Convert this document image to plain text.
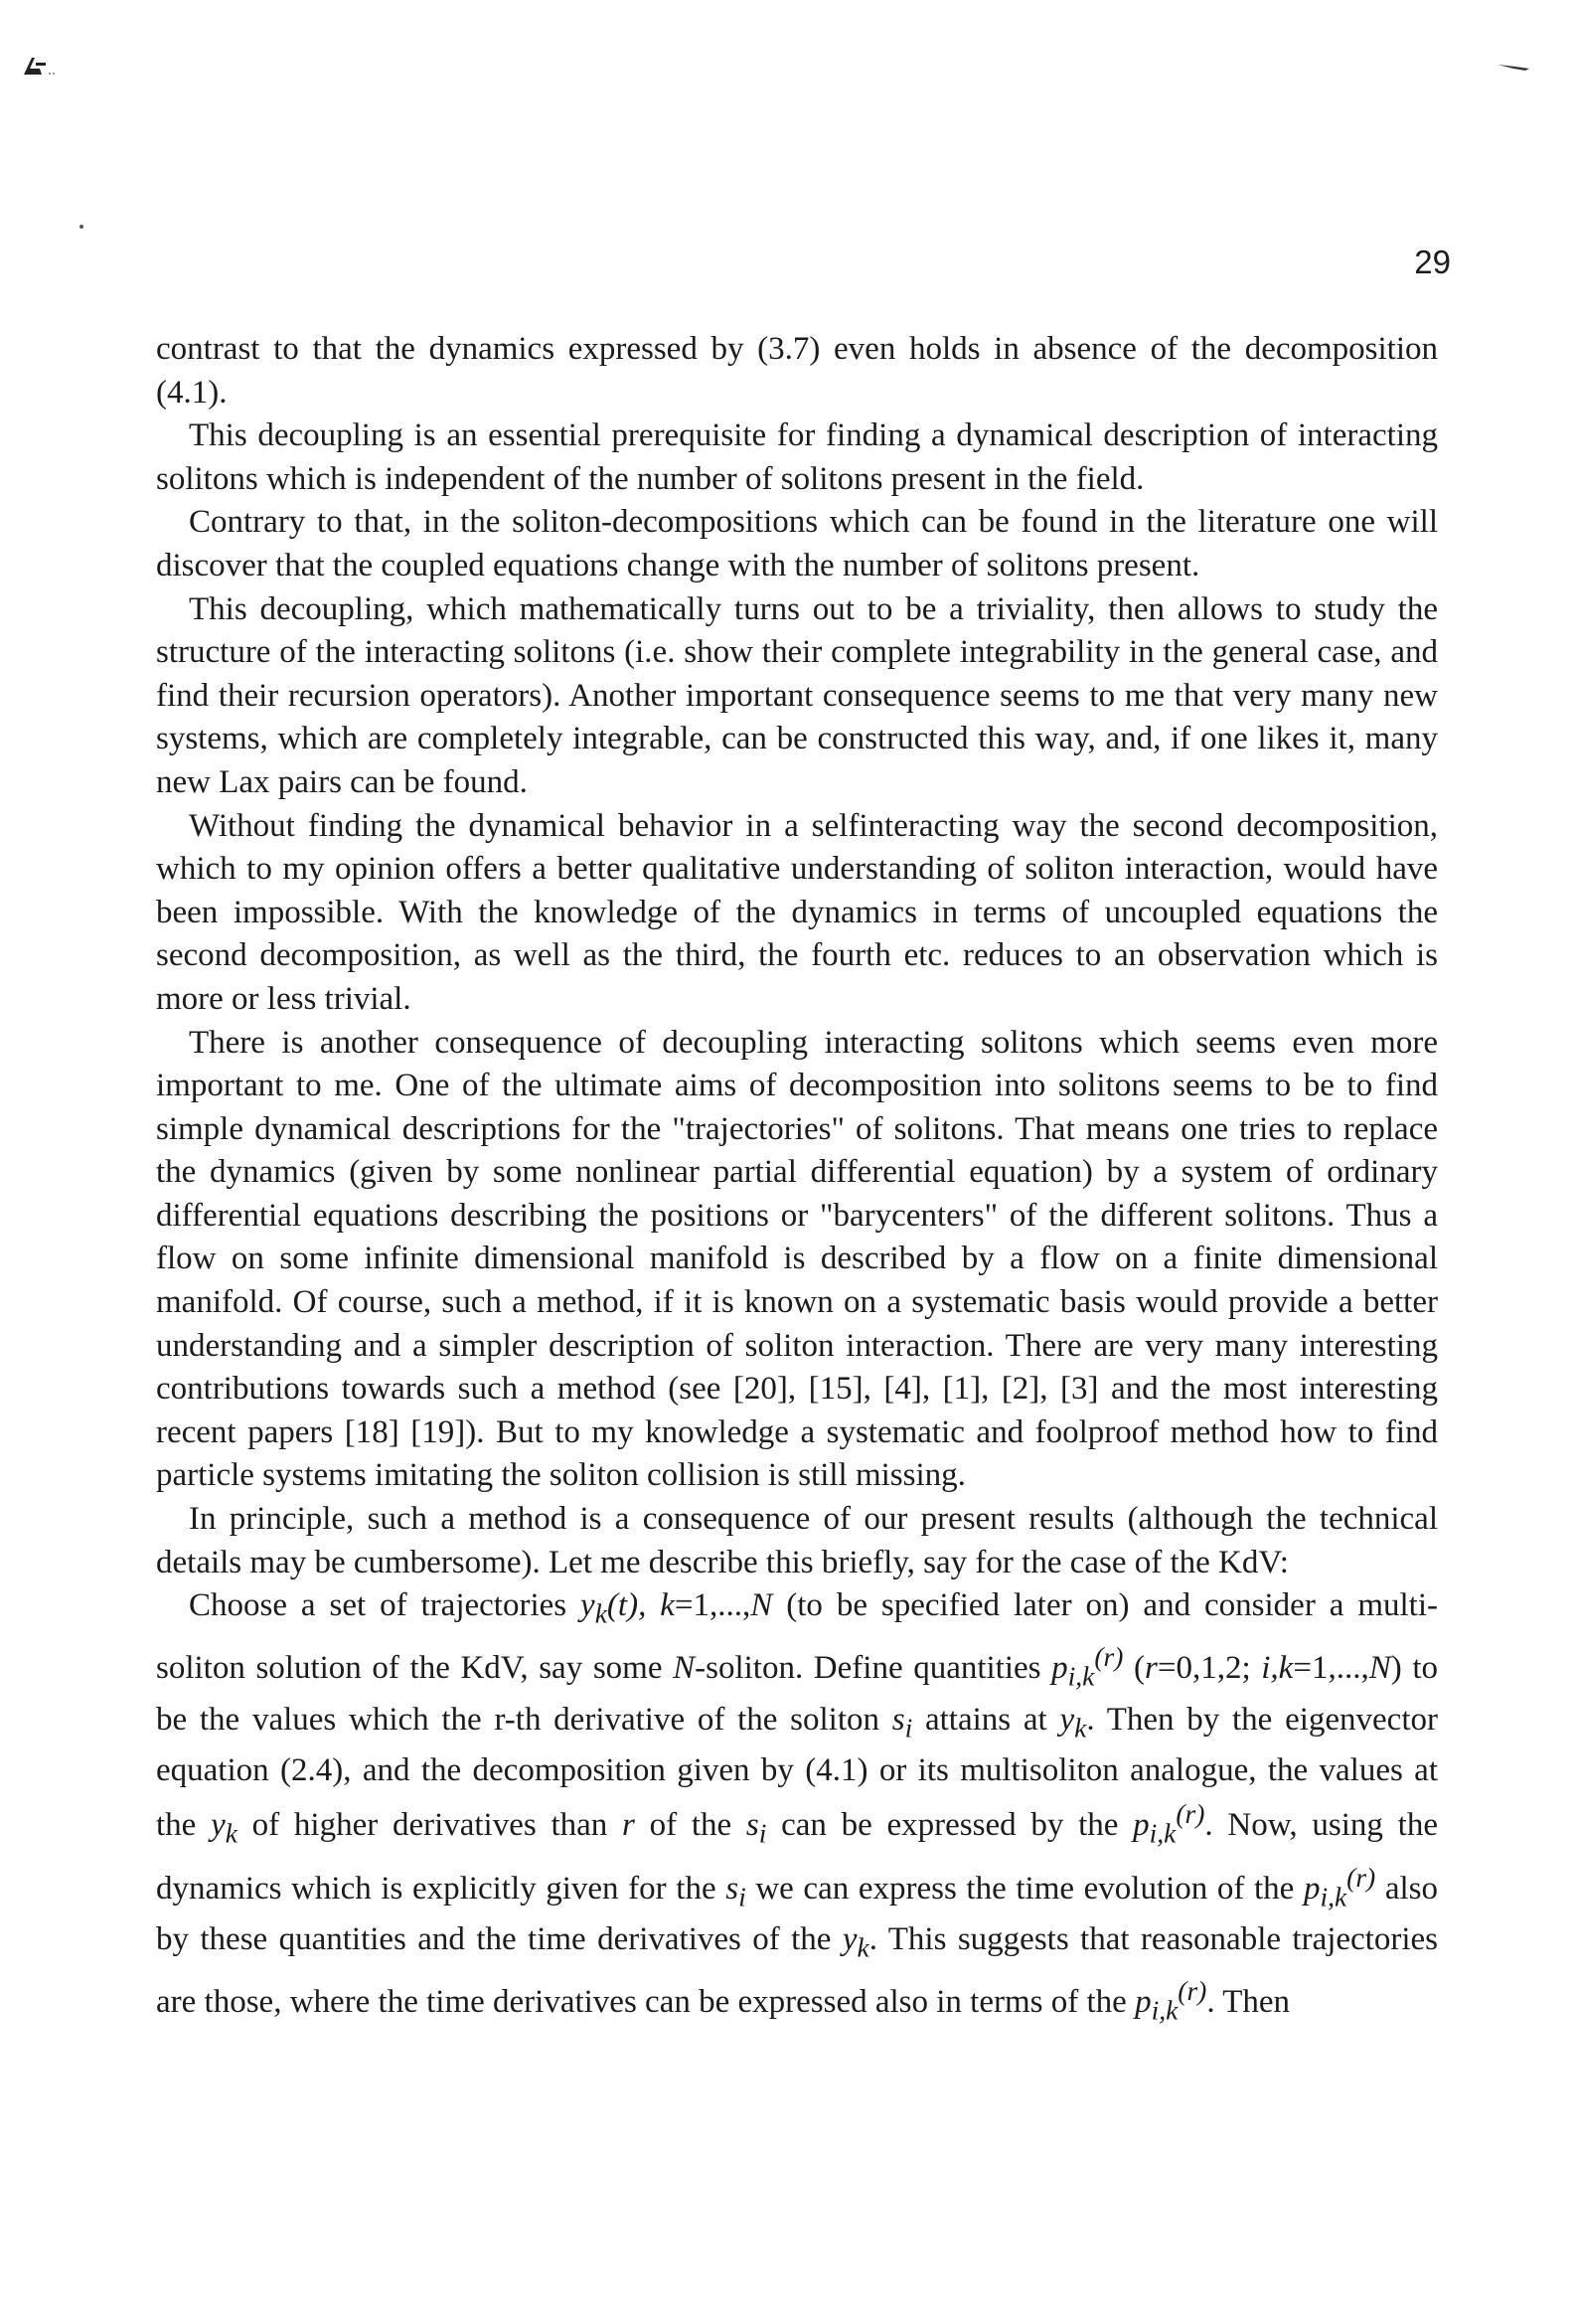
29

contrast to that the dynamics expressed by (3.7) even holds in absence of the decomposition (4.1).

This decoupling is an essential prerequisite for finding a dynamical description of interacting solitons which is independent of the number of solitons present in the field.

Contrary to that, in the soliton-decompositions which can be found in the literature one will discover that the coupled equations change with the number of solitons present.

This decoupling, which mathematically turns out to be a triviality, then allows to study the structure of the interacting solitons (i.e. show their complete integrability in the general case, and find their recursion operators). Another important consequence seems to me that very many new systems, which are completely integrable, can be constructed this way, and, if one likes it, many new Lax pairs can be found.

Without finding the dynamical behavior in a selfinteracting way the second decomposition, which to my opinion offers a better qualitative understanding of soliton interaction, would have been impossible. With the knowledge of the dynamics in terms of uncoupled equations the second decomposition, as well as the third, the fourth etc. reduces to an observation which is more or less trivial.

There is another consequence of decoupling interacting solitons which seems even more important to me. One of the ultimate aims of decomposition into solitons seems to be to find simple dynamical descriptions for the "trajectories" of solitons. That means one tries to replace the dynamics (given by some nonlinear partial differential equation) by a system of ordinary differential equations describing the positions or "barycenters" of the different solitons. Thus a flow on some infinite dimensional manifold is described by a flow on a finite dimensional manifold. Of course, such a method, if it is known on a systematic basis would provide a better understanding and a simpler description of soliton interaction. There are very many interesting contributions towards such a method (see [20], [15], [4], [1], [2], [3] and the most interesting recent papers [18] [19]). But to my knowledge a systematic and foolproof method how to find particle systems imitating the soliton collision is still missing.

In principle, such a method is a consequence of our present results (although the technical details may be cumbersome). Let me describe this briefly, say for the case of the KdV:

Choose a set of trajectories $y_k(t)$, k=1,...,N (to be specified later on) and consider a multi-soliton solution of the KdV, say some N-soliton. Define quantities $p_{i,k}^{(r)}$ (r=0,1,2; i,k=1,...,N) to be the values which the r-th derivative of the soliton $s_i$ attains at $y_k$. Then by the eigenvector equation (2.4), and the decomposition given by (4.1) or its multisoliton analogue, the values at the $y_k$ of higher derivatives than r of the $s_i$ can be expressed by the $p_{i,k}^{(r)}$. Now, using the dynamics which is explicitly given for the $s_i$ we can express the time evolution of the $p_{i,k}^{(r)}$ also by these quantities and the time derivatives of the $y_k$. This suggests that reasonable trajectories are those, where the time derivatives can be expressed also in terms of the $p_{i,k}^{(r)}$. Then
